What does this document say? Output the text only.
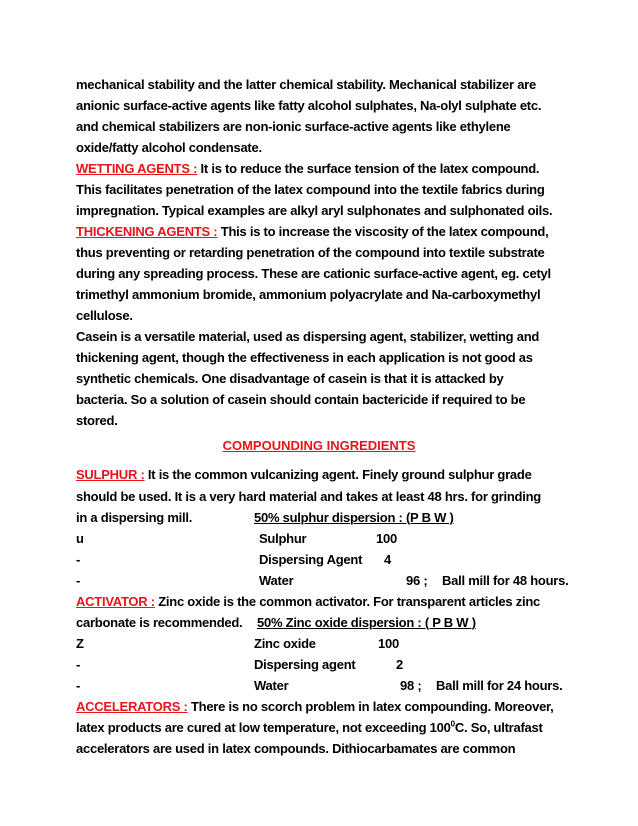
mechanical stability and the latter chemical stability. Mechanical stabilizer are
anionic surface-active agents like fatty alcohol sulphates, Na-olyl sulphate etc.
and chemical stabilizers are non-ionic surface-active agents like ethylene
oxide/fatty alcohol condensate.
WETTING AGENTS : It is to reduce the surface tension of the latex compound.
This facilitates penetration of the latex compound into the textile fabrics during
impregnation. Typical examples are alkyl aryl sulphonates and sulphonated oils.
THICKENING AGENTS : This is to increase the viscosity of the latex compound,
thus preventing or retarding penetration of the compound into textile substrate
during any spreading process. These are cationic surface-active agent, eg. cetyl
trimethyl ammonium bromide, ammonium polyacrylate and Na-carboxymethyl
cellulose.
Casein is a versatile material, used as dispersing agent, stabilizer, wetting and
thickening agent, though the effectiveness in each application is not good as
synthetic chemicals. One disadvantage of casein is that it is attacked by
bacteria. So a solution of casein should contain bactericide if required to be
stored.
COMPOUNDING INGREDIENTS
SULPHUR : It is the common vulcanizing agent. Finely ground sulphur grade
should be used. It is a very hard material and takes at least 48 hrs. for grinding
in a dispersing mill.	50% sulphur dispersion : (P B W )
u	Sulphur	100
-	Dispersing Agent 4
-	Water	96 ; Ball mill for 48 hours.
ACTIVATOR : Zinc oxide is the common activator. For transparent articles zinc
carbonate is recommended. 50% Zinc oxide dispersion : ( P B W )
Z	Zinc oxide	100
-	Dispersing agent	2
-	Water	98 ; Ball mill for 24 hours.
ACCELERATORS : There is no scorch problem in latex compounding. Moreover,
latex products are cured at low temperature, not exceeding $100^0C$. So, ultrafast
accelerators are used in latex compounds. Dithiocarbamates are common
